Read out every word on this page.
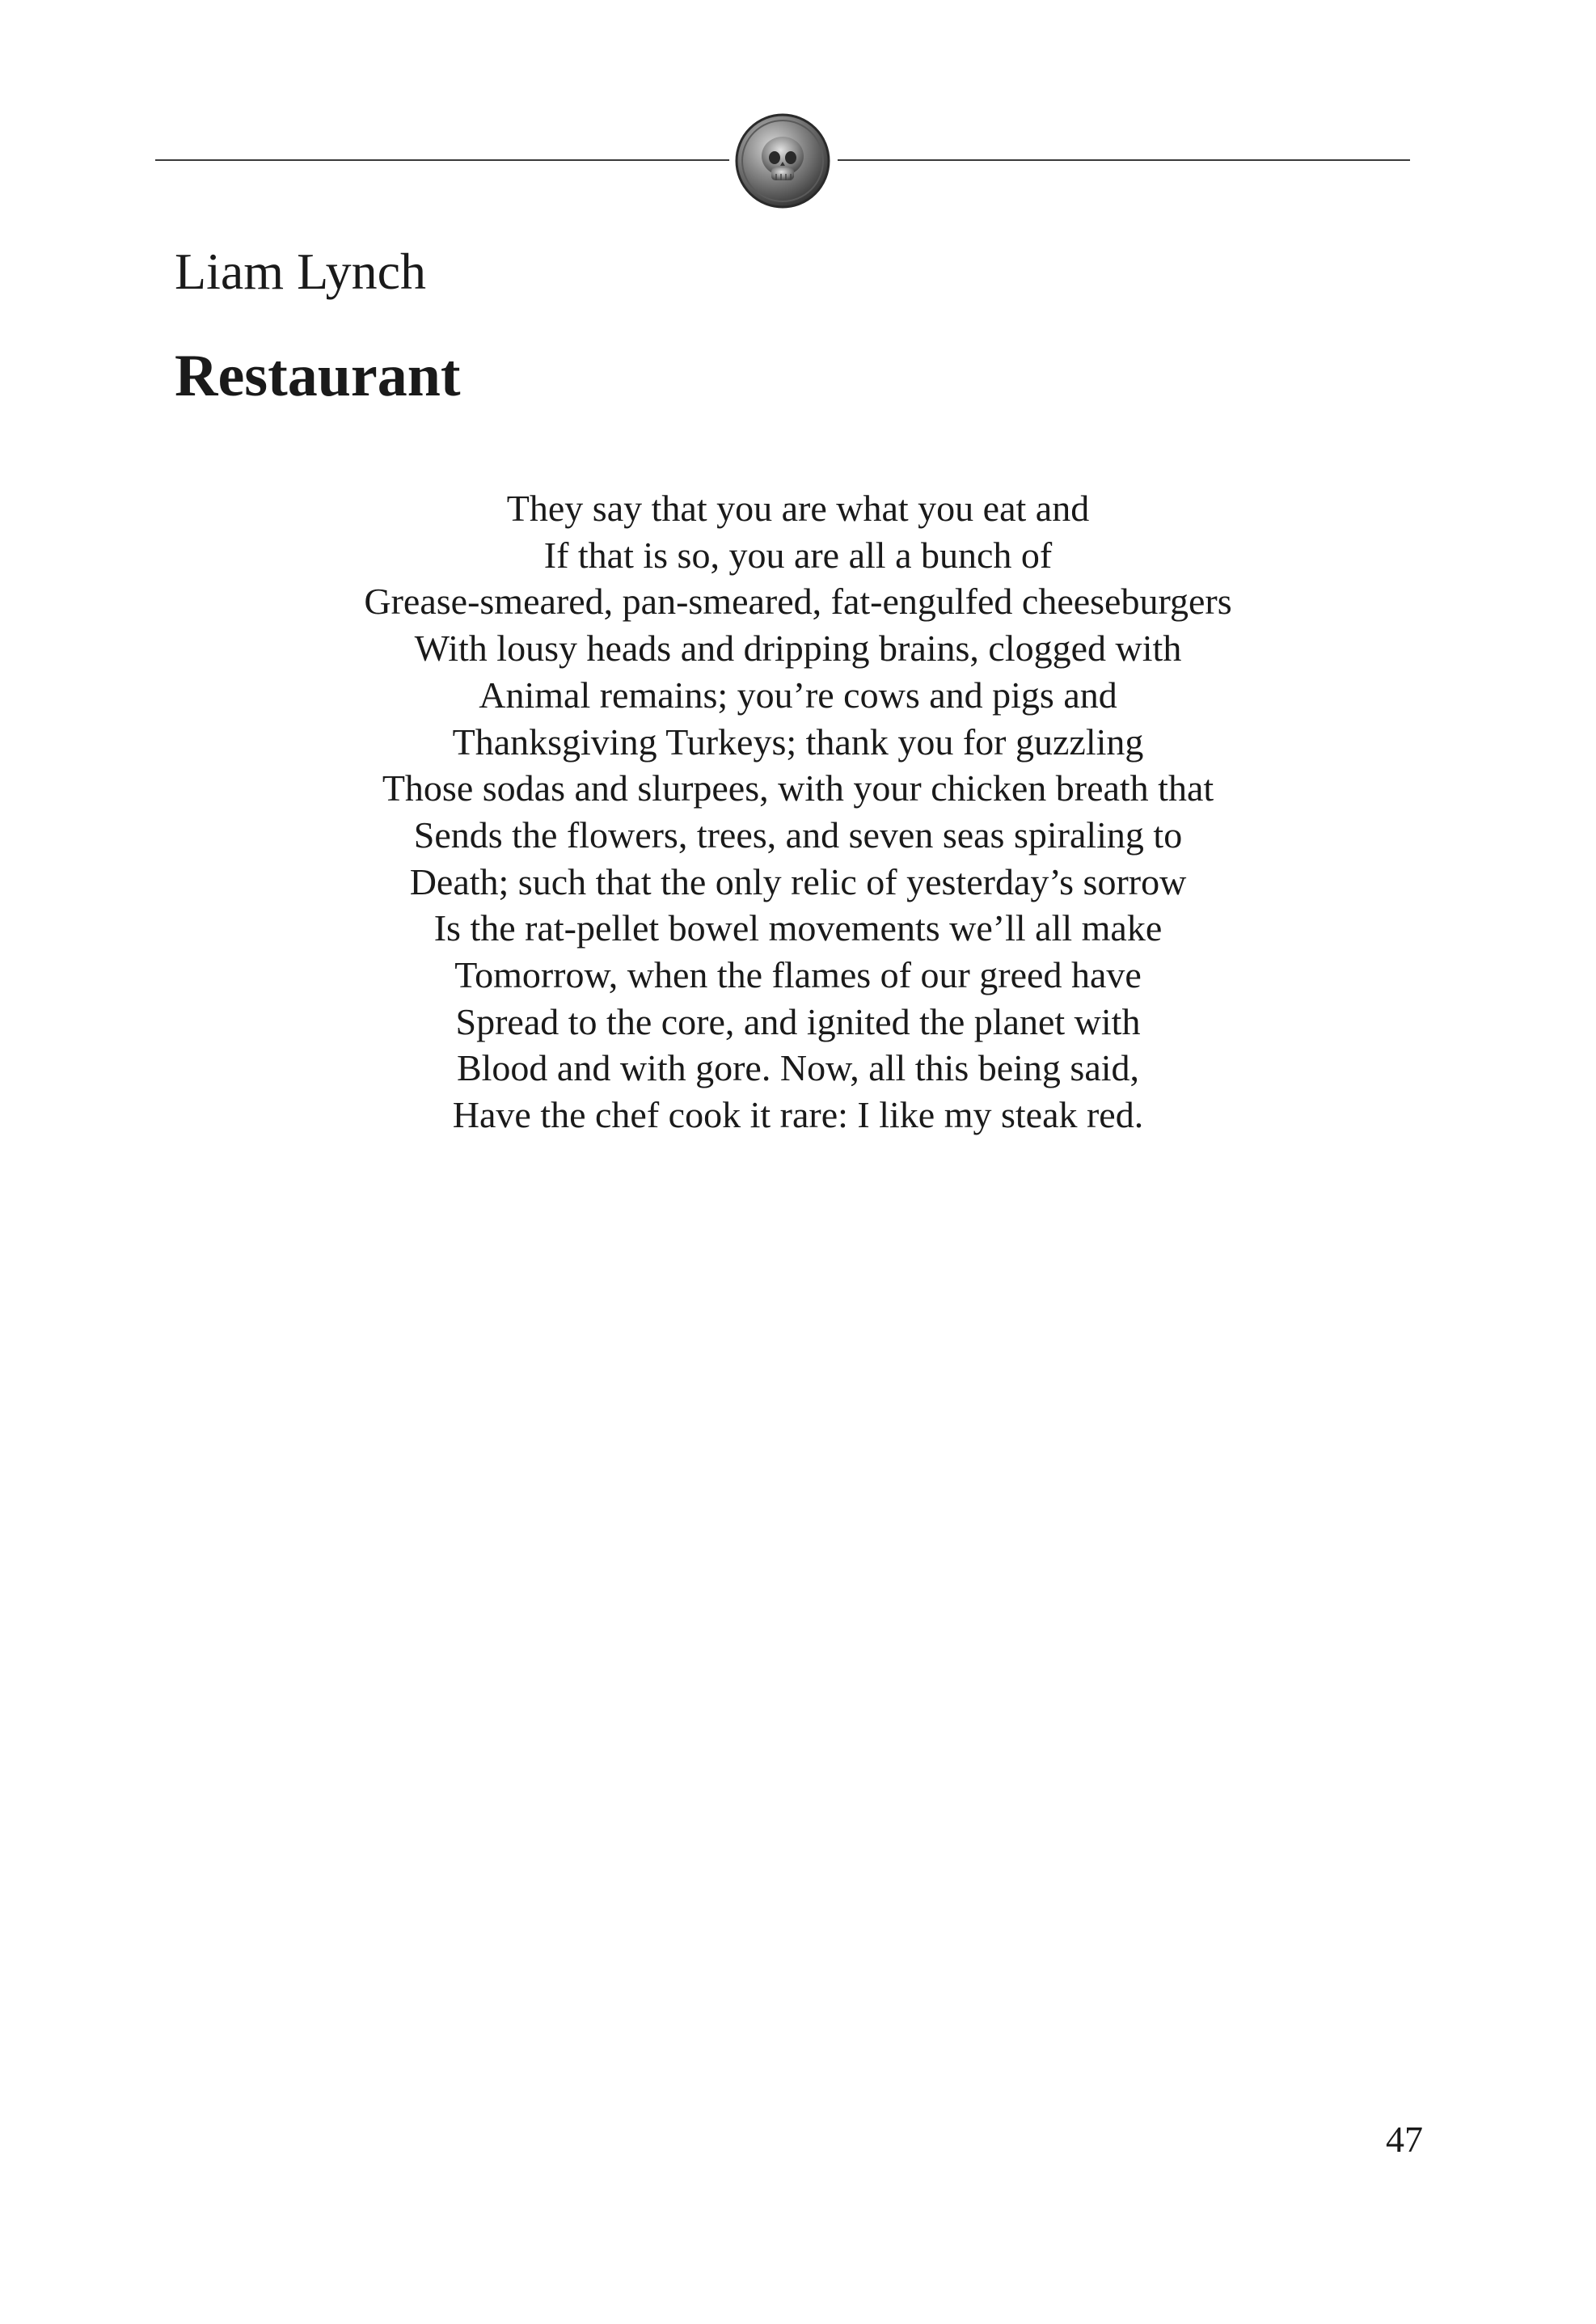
Liam Lynch
Restaurant
They say that you are what you eat and
If that is so, you are all a bunch of
Grease-smeared, pan-smeared, fat-engulfed cheeseburgers
With lousy heads and dripping brains, clogged with
Animal remains; you’re cows and pigs and
Thanksgiving Turkeys; thank you for guzzling
Those sodas and slurpees, with your chicken breath that
Sends the flowers, trees, and seven seas spiraling to
Death; such that the only relic of yesterday’s sorrow
Is the rat-pellet bowel movements we’ll all make
Tomorrow, when the flames of our greed have
Spread to the core, and ignited the planet with
Blood and with gore. Now, all this being said,
Have the chef cook it rare: I like my steak red.
47
